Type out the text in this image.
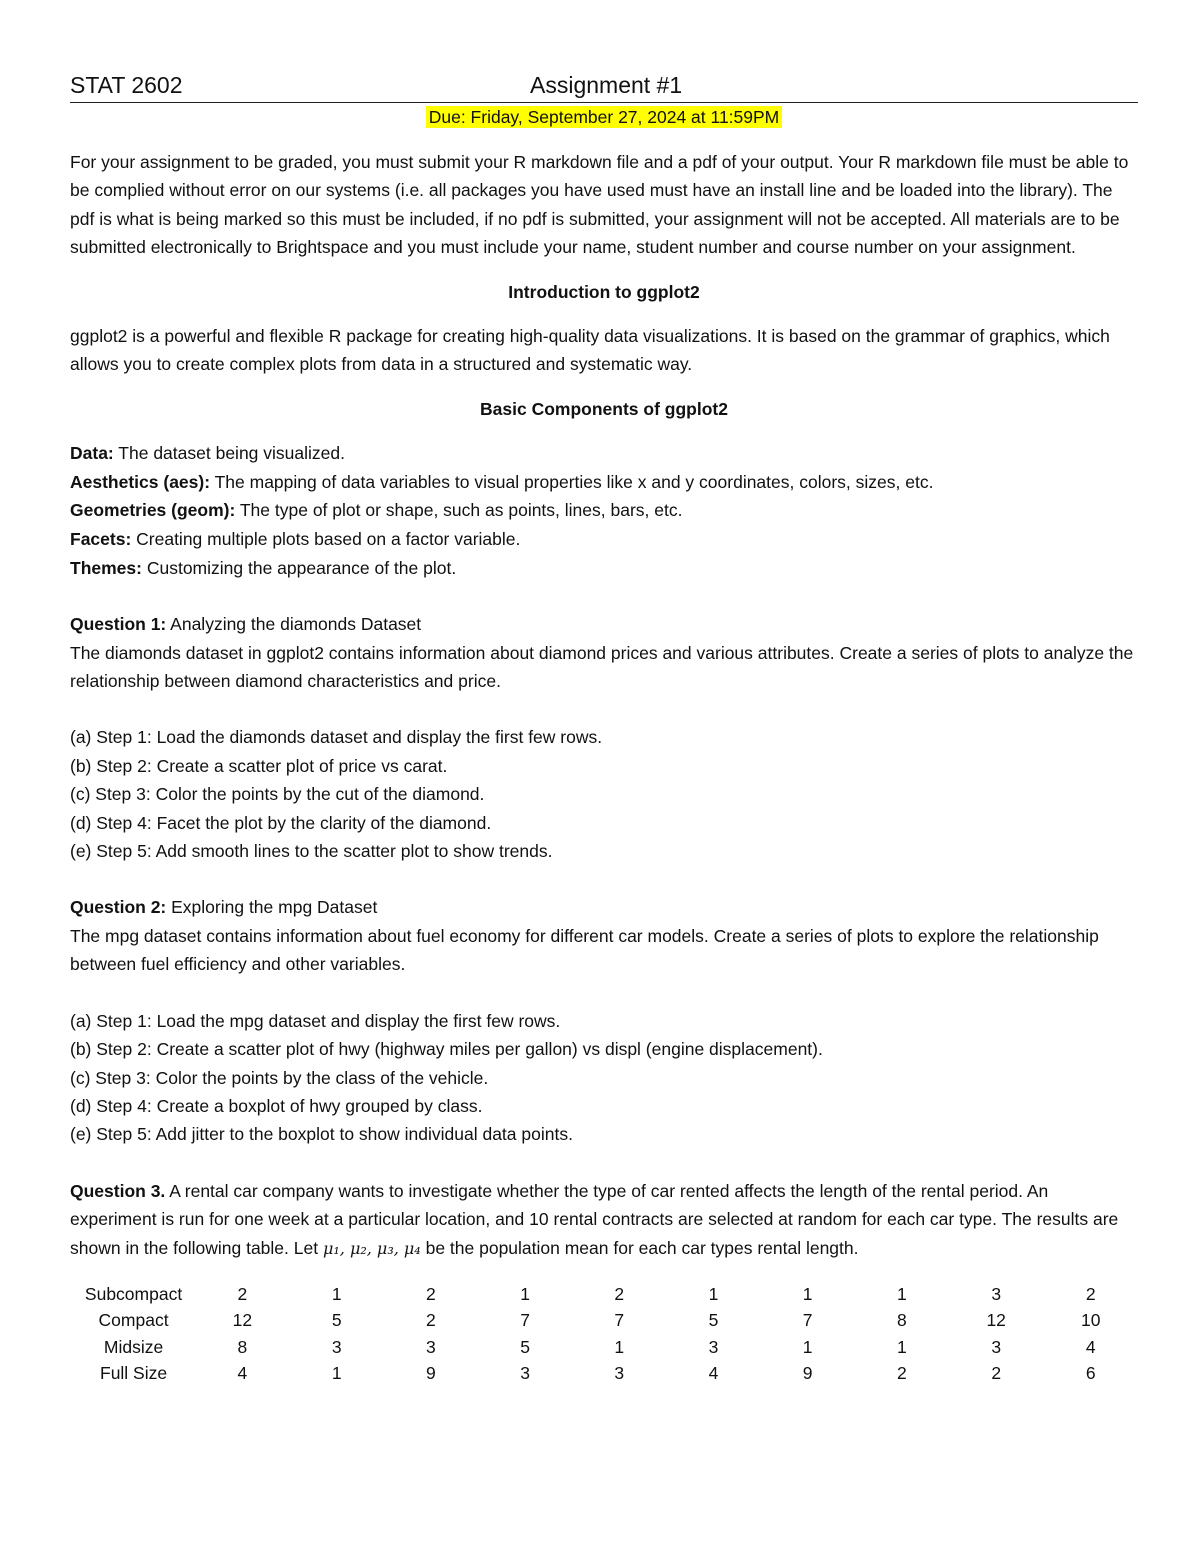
STAT 2602	Assignment #1
Due: Friday, September 27, 2024 at 11:59PM

For your assignment to be graded, you must submit your R markdown file and a pdf of your output. Your R markdown file must be able to be complied without error on our systems (i.e. all packages you have used must have an install line and be loaded into the library). The pdf is what is being marked so this must be included, if no pdf is submitted, your assignment will not be accepted. All materials are to be submitted electronically to Brightspace and you must include your name, student number and course number on your assignment.

Introduction to ggplot2

ggplot2 is a powerful and flexible R package for creating high-quality data visualizations. It is based on the grammar of graphics, which allows you to create complex plots from data in a structured and systematic way.

Basic Components of ggplot2

Data: The dataset being visualized.

Aesthetics (aes): The mapping of data variables to visual properties like x and y coordinates, colors, sizes, etc.

Geometries (geom): The type of plot or shape, such as points, lines, bars, etc.

Facets: Creating multiple plots based on a factor variable.

Themes: Customizing the appearance of the plot.

Question 1: Analyzing the diamonds Dataset

The diamonds dataset in ggplot2 contains information about diamond prices and various attributes. Create a series of plots to analyze the relationship between diamond characteristics and price.

(a) Step 1: Load the diamonds dataset and display the first few rows.

(b) Step 2: Create a scatter plot of price vs carat.

(c) Step 3: Color the points by the cut of the diamond.

(d) Step 4: Facet the plot by the clarity of the diamond.

(e) Step 5: Add smooth lines to the scatter plot to show trends.

Question 2: Exploring the mpg Dataset

The mpg dataset contains information about fuel economy for different car models. Create a series of plots to explore the relationship between fuel efficiency and other variables.

(a) Step 1: Load the mpg dataset and display the first few rows.

(b) Step 2: Create a scatter plot of hwy (highway miles per gallon) vs displ (engine displacement).

(c) Step 3: Color the points by the class of the vehicle.

(d) Step 4: Create a boxplot of hwy grouped by class.

(e) Step 5: Add jitter to the boxplot to show individual data points.

Question 3. A rental car company wants to investigate whether the type of car rented affects the length of the rental period. An experiment is run for one week at a particular location, and 10 rental contracts are selected at random for each car type. The results are shown in the following table. Let μ₁, μ₂, μ₃, μ₄ be the population mean for each car types rental length.

Subcompact	2	1	2	1	2	1	1	1	3	2
Compact	12	5	2	7	7	5	7	8	12	10
Midsize	8	3	3	5	1	3	1	1	3	4
Full Size	4	1	9	3	3	4	9	2	2	6
